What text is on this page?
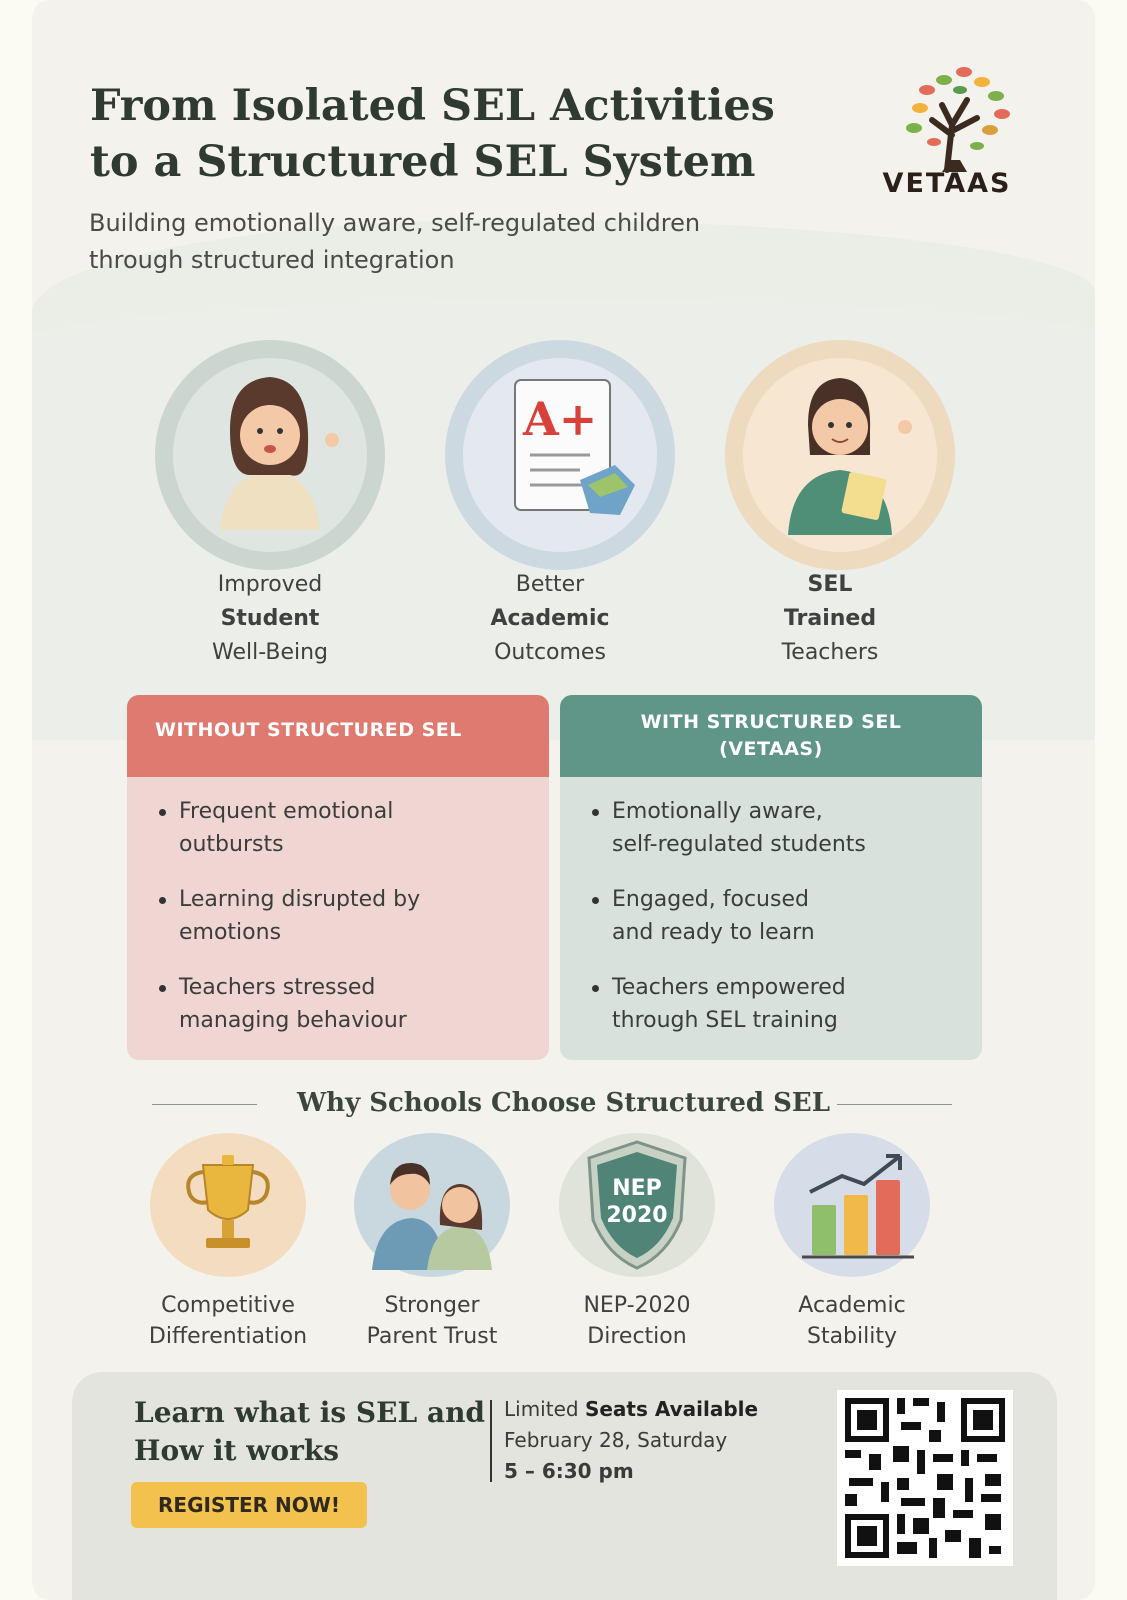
From Isolated SEL Activities
to a Structured SEL System
Building emotionally aware, self-regulated children
through structured integration
VETAAS
A+
Improved
Student
Well-Being
Better
Academic
Outcomes
SEL
Trained
Teachers
WITHOUT STRUCTURED SEL
Frequent emotional
outbursts
Learning disrupted by
emotions
Teachers stressed
managing behaviour
WITH STRUCTURED SEL
(VETAAS)
Emotionally aware,
self-regulated students
Engaged, focused
and ready to learn
Teachers empowered
through SEL training
Why Schools Choose Structured SEL
NEP
2020
Competitive
Differentiation
Stronger
Parent Trust
NEP-2020
Direction
Academic
Stability
Learn what is SEL and
How it works
REGISTER NOW!
Limited Seats Available
February 28, Saturday
5 – 6:30 pm
